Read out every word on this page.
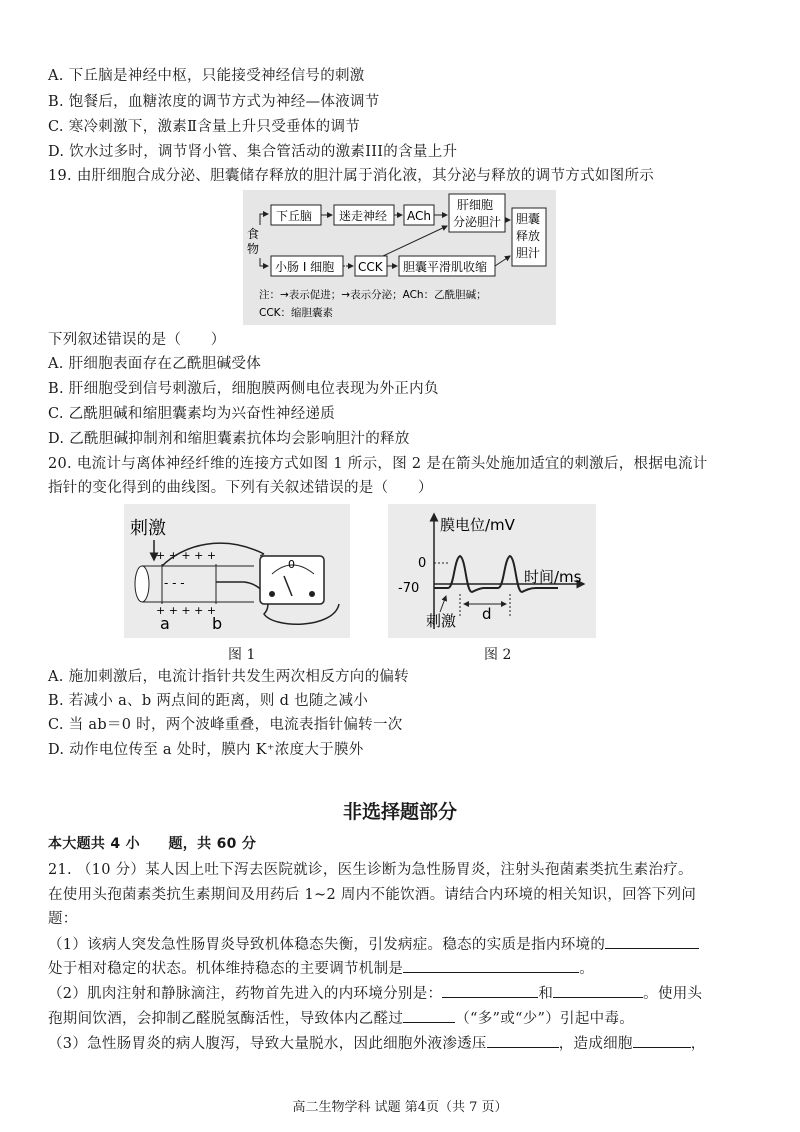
A. 下丘脑是神经中枢，只能接受神经信号的刺激
B. 饱餐后，血糖浓度的调节方式为神经—体液调节
C. 寒冷刺激下，激素Ⅱ含量上升只受垂体的调节
D. 饮水过多时，调节肾小管、集合管活动的激素III的含量上升
19. 由肝细胞合成分泌、胆囊储存释放的胆汁属于消化液，其分泌与释放的调节方式如图所示
食
物
下丘脑 迷走神经 ACh
肝细胞
分泌胆汁 胆囊
释放
胆汁
小肠 I 细胞 CCK 胆囊平滑肌收缩
注：→表示促进；→表示分泌；ACh：乙酰胆碱；
CCK：缩胆囊素
下列叙述错误的是（　　）
A. 肝细胞表面存在乙酰胆碱受体
B. 肝细胞受到信号刺激后，细胞膜两侧电位表现为外正内负
C. 乙酰胆碱和缩胆囊素均为兴奋性神经递质
D. 乙酰胆碱抑制剂和缩胆囊素抗体均会影响胆汁的释放
20. 电流计与离体神经纤维的连接方式如图 1 所示，图 2 是在箭头处施加适宜的刺激后，根据电流计
指针的变化得到的曲线图。下列有关叙述错误的是（　　）
刺激
+ + + + +
- - -
+ + + + +
0
a	b
图 1
膜电位/mV
0
-70
时间/ms
刺激 d
图 2
A. 施加刺激后，电流计指针共发生两次相反方向的偏转
B. 若减小 a、b 两点间的距离，则 d 也随之减小
C. 当 ab＝0 时，两个波峰重叠，电流表指针偏转一次
D. 动作电位传至 a 处时，膜内 K⁺浓度大于膜外
非选择题部分
本大题共 4 小　　题，共 60 分
21. （10 分）某人因上吐下泻去医院就诊，医生诊断为急性肠胃炎，注射头孢菌素类抗生素治疗。
在使用头孢菌素类抗生素期间及用药后 1~2 周内不能饮酒。请结合内环境的相关知识，回答下列问
题：
（1）该病人突发急性肠胃炎导致机体稳态失衡，引发病症。稳态的实质是指内环境的
处于相对稳定的状态。机体维持稳态的主要调节机制是	。
（2）肌肉注射和静脉滴注，药物首先进入的内环境分别是：	和	。使用头
孢期间饮酒，会抑制乙醛脱氢酶活性，导致体内乙醛过	（“多”或“少”）引起中毒。
（3）急性肠胃炎的病人腹泻，导致大量脱水，因此细胞外液渗透压	，造成细胞	，
高二生物学科 试题 第4页（共 7 页）
